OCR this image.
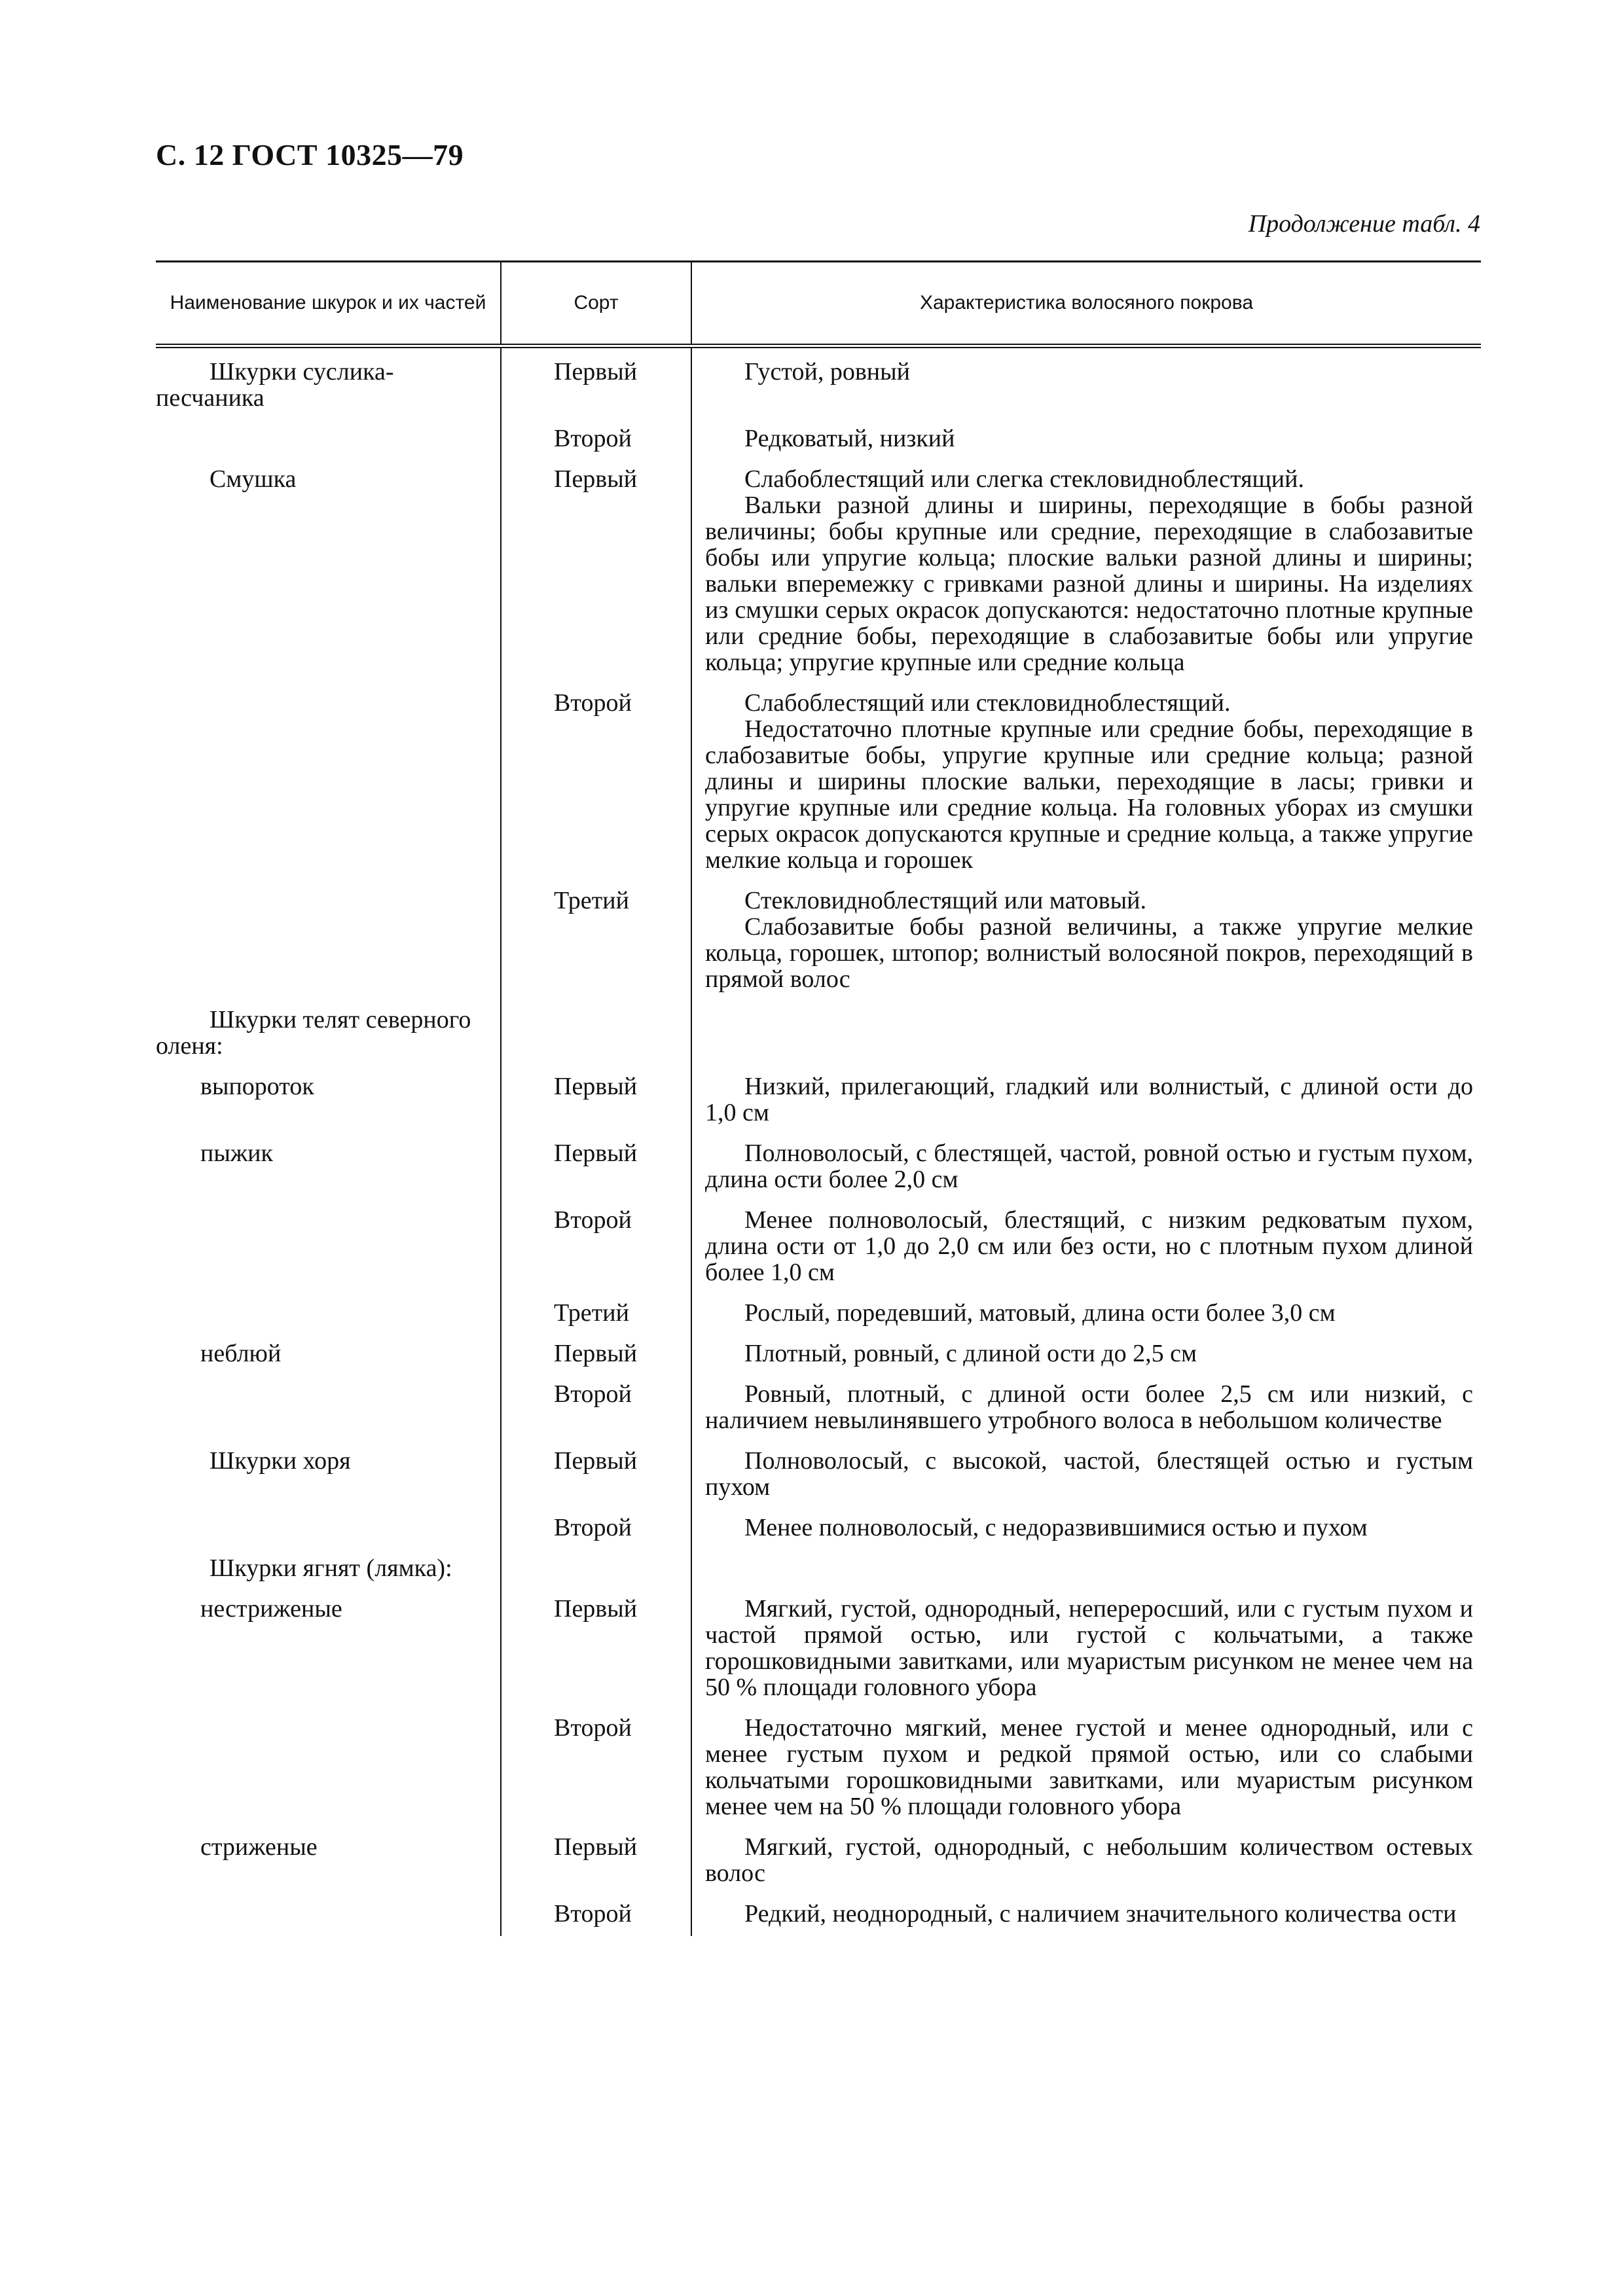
С. 12 ГОСТ 10325—79
Продолжение табл. 4
Наименование шкурок и их частей	Сорт	Характеристика волосяного покрова

Шкурки суслика-песчаника	Первый	Густой, ровный

	Второй	Редковатый, низкий

Смушка	Первый	Слабоблестящий или слегка стекловидноблестящий.
Вальки разной длины и ширины, переходящие в бобы разной величины; бобы крупные или средние, переходящие в слабозавитые бобы или упругие кольца; плоские вальки разной длины и ширины; вальки вперемежку с гривками разной длины и ширины. На изделиях из смушки серых окрасок допускаются: недостаточно плотные крупные или средние бобы, переходящие в слабозавитые бобы или упругие кольца; упругие крупные или средние кольца

	Второй	Слабоблестящий или стекловидноблестящий.
Недостаточно плотные крупные или средние бобы, переходящие в слабозавитые бобы, упругие крупные или средние кольца; разной длины и ширины плоские вальки, переходящие в ласы; гривки и упругие крупные или средние кольца. На головных уборах из смушки серых окрасок допускаются крупные и средние кольца, а также упругие мелкие кольца и горошек

	Третий	Стекловидноблестящий или матовый.
Слабозавитые бобы разной величины, а также упругие мелкие кольца, горошек, штопор; волнистый волосяной покров, переходящий в прямой волос

Шкурки телят северного оленя:		

выпороток	Первый	Низкий, прилегающий, гладкий или волнистый, с длиной ости до 1,0 см

пыжик	Первый	Полноволосый, с блестящей, частой, ровной остью и густым пухом, длина ости более 2,0 см

	Второй	Менее полноволосый, блестящий, с низким редковатым пухом, длина ости от 1,0 до 2,0 см или без ости, но с плотным пухом длиной более 1,0 см

	Третий	Рослый, поредевший, матовый, длина ости более 3,0 см

неблюй	Первый	Плотный, ровный, с длиной ости до 2,5 см

	Второй	Ровный, плотный, с длиной ости более 2,5 см или низкий, с наличием невылинявшего утробного волоса в небольшом количестве

Шкурки хоря	Первый	Полноволосый, с высокой, частой, блестящей остью и густым пухом

	Второй	Менее полноволосый, с недоразвившимися остью и пухом

Шкурки ягнят (лямка):		

нестриженые	Первый	Мягкий, густой, однородный, непереросший, или с густым пухом и частой прямой остью, или густой с кольчатыми, а также горошковидными завитками, или муаристым рисунком не менее чем на 50 % площади головного убора

	Второй	Недостаточно мягкий, менее густой и менее однородный, или с менее густым пухом и редкой прямой остью, или со слабыми кольчатыми горошковидными завитками, или муаристым рисунком менее чем на 50 % площади головного убора

стриженые	Первый	Мягкий, густой, однородный, с небольшим количеством остевых волос

	Второй	Редкий, неоднородный, с наличием значительного количества ости
